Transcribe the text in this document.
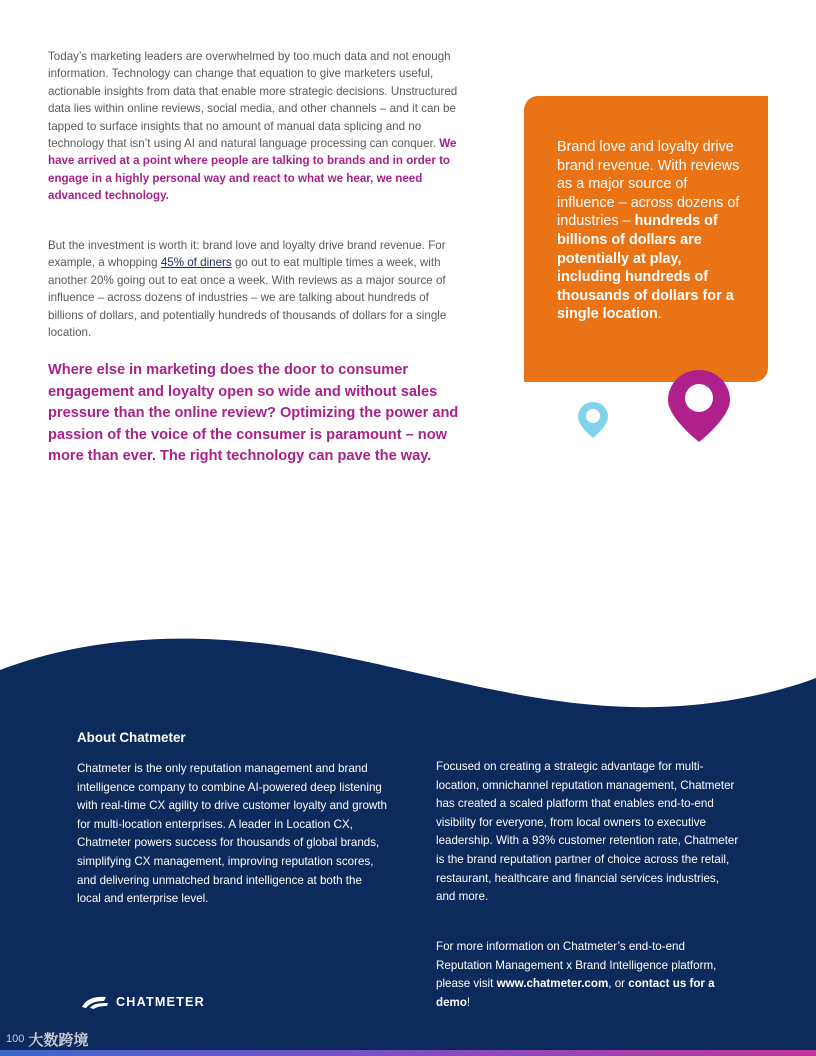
Today’s marketing leaders are overwhelmed by too much data and not enough information. Technology can change that equation to give marketers useful, actionable insights from data that enable more strategic decisions. Unstructured data lies within online reviews, social media, and other channels – and it can be tapped to surface insights that no amount of manual data splicing and no technology that isn’t using AI and natural language processing can conquer. We have arrived at a point where people are talking to brands and in order to engage in a highly personal way and react to what we hear, we need advanced technology.

But the investment is worth it: brand love and loyalty drive brand revenue. For example, a whopping 45% of diners go out to eat multiple times a week, with another 20% going out to eat once a week. With reviews as a major source of influence – across dozens of industries – we are talking about hundreds of billions of dollars, and potentially hundreds of thousands of dollars for a single location.

Where else in marketing does the door to consumer engagement and loyalty open so wide and without sales pressure than the online review? Optimizing the power and passion of the voice of the consumer is paramount – now more than ever. The right technology can pave the way.

Brand love and loyalty drive brand revenue. With reviews as a major source of influence – across dozens of industries – hundreds of billions of dollars are potentially at play, including hundreds of thousands of dollars for a single location.

About Chatmeter

Chatmeter is the only reputation management and brand intelligence company to combine AI-powered deep listening with real-time CX agility to drive customer loyalty and growth for multi-location enterprises. A leader in Location CX, Chatmeter powers success for thousands of global brands, simplifying CX management, improving reputation scores, and delivering unmatched brand intelligence at both the local and enterprise level.

Focused on creating a strategic advantage for multi-location, omnichannel reputation management, Chatmeter has created a scaled platform that enables end-to-end visibility for everyone, from local owners to executive leadership. With a 93% customer retention rate, Chatmeter is the brand reputation partner of choice across the retail, restaurant, healthcare and financial services industries, and more.

For more information on Chatmeter’s end-to-end Reputation Management x Brand Intelligence platform, please visit www.chatmeter.com, or contact us for a demo!

CHATMETER
100 大数跨境
